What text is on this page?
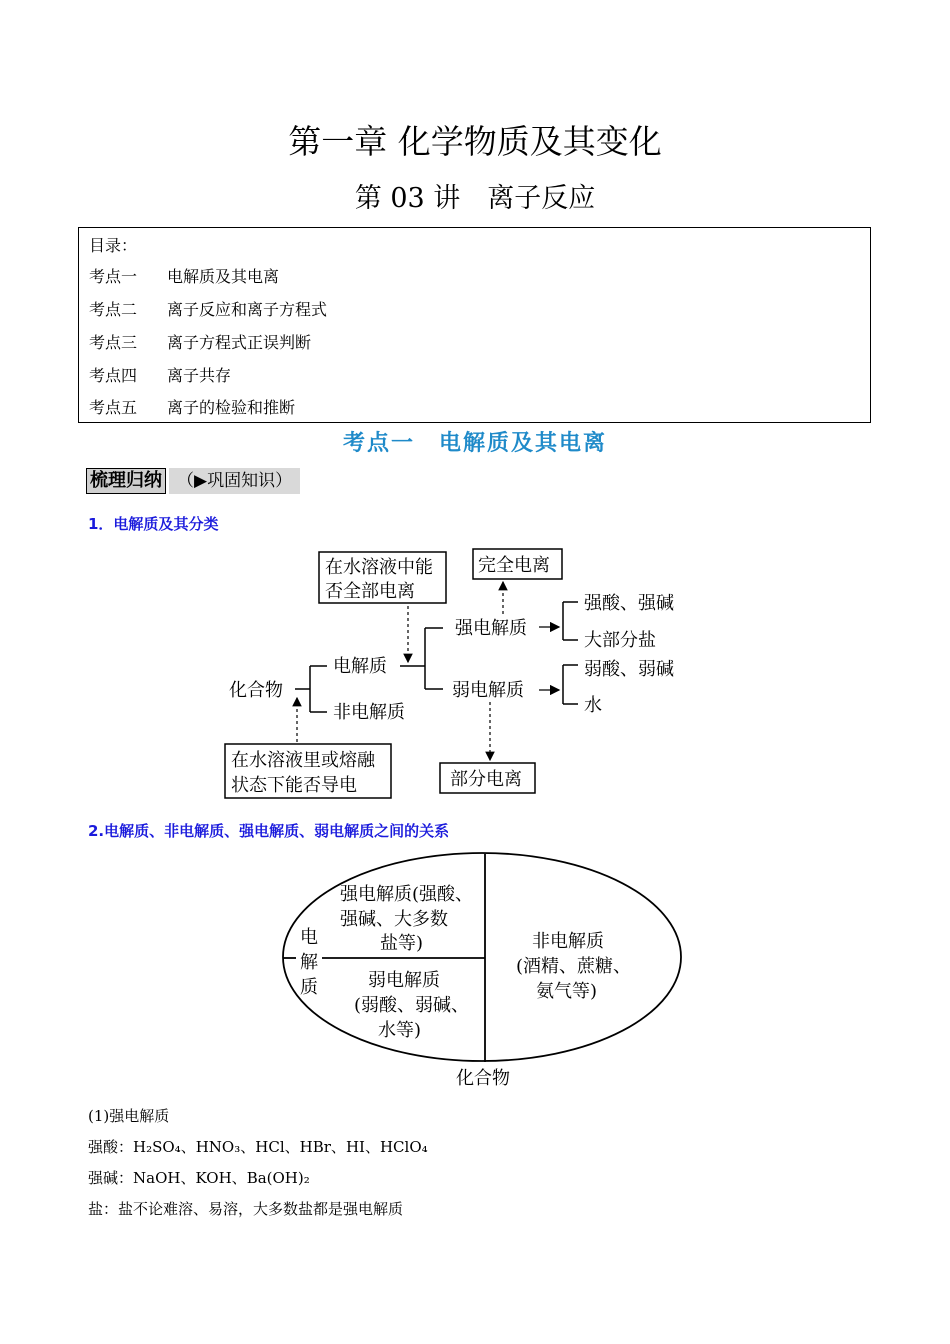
第一章 化学物质及其变化
第 03 讲　离子反应
目录：
考点一 电解质及其电离
考点二 离子反应和离子方程式
考点三 离子方程式正误判断
考点四 离子共存
考点五 离子的检验和推断
考点一　电解质及其电离
梳理归纳 （▶巩固知识）
1．电解质及其分类
在水溶液中能
否全部电离
完全电离
强电解质
强酸、强碱
大部分盐
电解质
化合物	弱电解质
弱酸、弱碱
水
非电解质
在水溶液里或熔融
状态下能否导电	部分电离
2.电解质、非电解质、强电解质、弱电解质之间的关系
电
解
质
强电解质(强酸、
强碱、大多数
盐等)
弱电解质
(弱酸、弱碱、
水等)
非电解质
(酒精、蔗糖、
氨气等)
化合物
(1)强电解质
强酸：H₂SO₄、HNO₃、HCl、HBr、HI、HClO₄
强碱：NaOH、KOH、Ba(OH)₂
盐：盐不论难溶、易溶，大多数盐都是强电解质
